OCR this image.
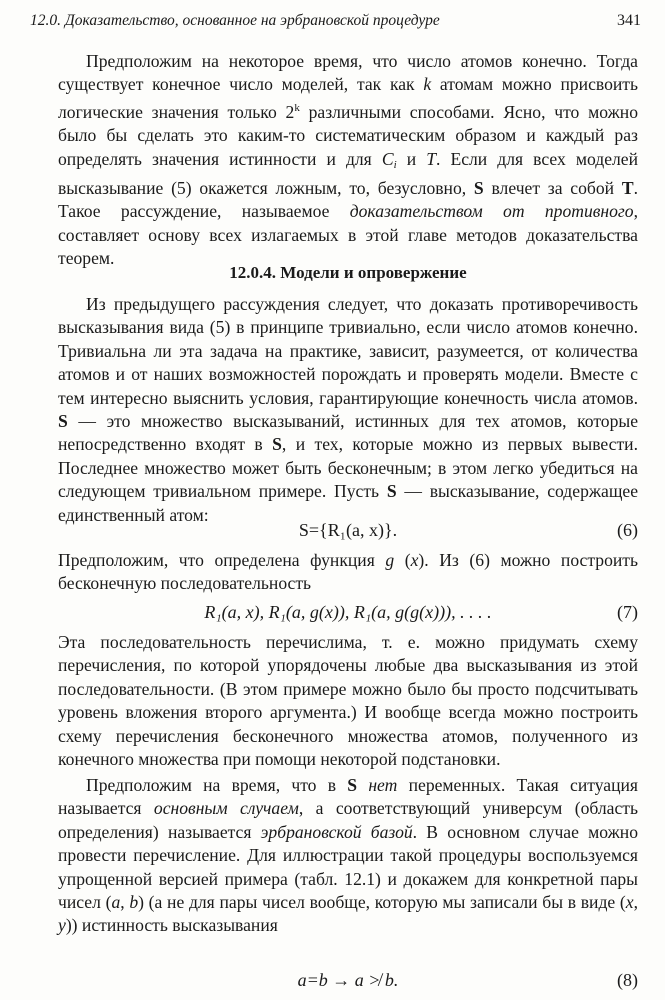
12.0. Доказательство, основанное на эрбрановской процедуре	341

Предположим на некоторое время, что число атомов конечно. Тогда существует конечное число моделей, так как k атомам можно присвоить логические значения только 2$^k$ различными способами. Ясно, что можно было бы сделать это каким-то систематическим образом и каждый раз определять значения истинности и для $C_i$ и T. Если для всех моделей высказывание (5) окажется ложным, то, безусловно, S влечет за собой T. Такое рассуждение, называемое доказательством от противного, составляет основу всех излагаемых в этой главе методов доказательства теорем.

12.0.4. Модели и опровержение

Из предыдущего рассуждения следует, что доказать противоречивость высказывания вида (5) в принципе тривиально, если число атомов конечно. Тривиальна ли эта задача на практике, зависит, разумеется, от количества атомов и от наших возможностей порождать и проверять модели. Вместе с тем интересно выяснить условия, гарантирующие конечность числа атомов. S — это множество высказываний, истинных для тех атомов, которые непосредственно входят в S, и тех, которые можно из первых вывести. Последнее множество может быть бесконечным; в этом легко убедиться на следующем тривиальном примере. Пусть S — высказывание, содержащее единственный атом:

S={R₁(a, x)}.	(6)

Предположим, что определена функция g (x). Из (6) можно построить бесконечную последовательность

R₁(a, x), R₁(a, g(x)), R₁(a, g(g(x))), . . . .	(7)

Эта последовательность перечислима, т. е. можно придумать схему перечисления, по которой упорядочены любые два высказывания из этой последовательности. (В этом примере можно было бы просто подсчитывать уровень вложения второго аргумента.) И вообще всегда можно построить схему перечисления бесконечного множества атомов, полученного из конечного множества при помощи некоторой подстановки.

Предположим на время, что в S нет переменных. Такая ситуация называется основным случаем, а соответствующий универсум (область определения) называется эрбрановской базой. В основном случае можно провести перечисление. Для иллюстрации такой процедуры воспользуемся упрощенной версией примера (табл. 12.1) и докажем для конкретной пары чисел (a, b) (а не для пары чисел вообще, которую мы записали бы в виде (x, y)) истинность высказывания

a=b → a ≯ b.	(8)
